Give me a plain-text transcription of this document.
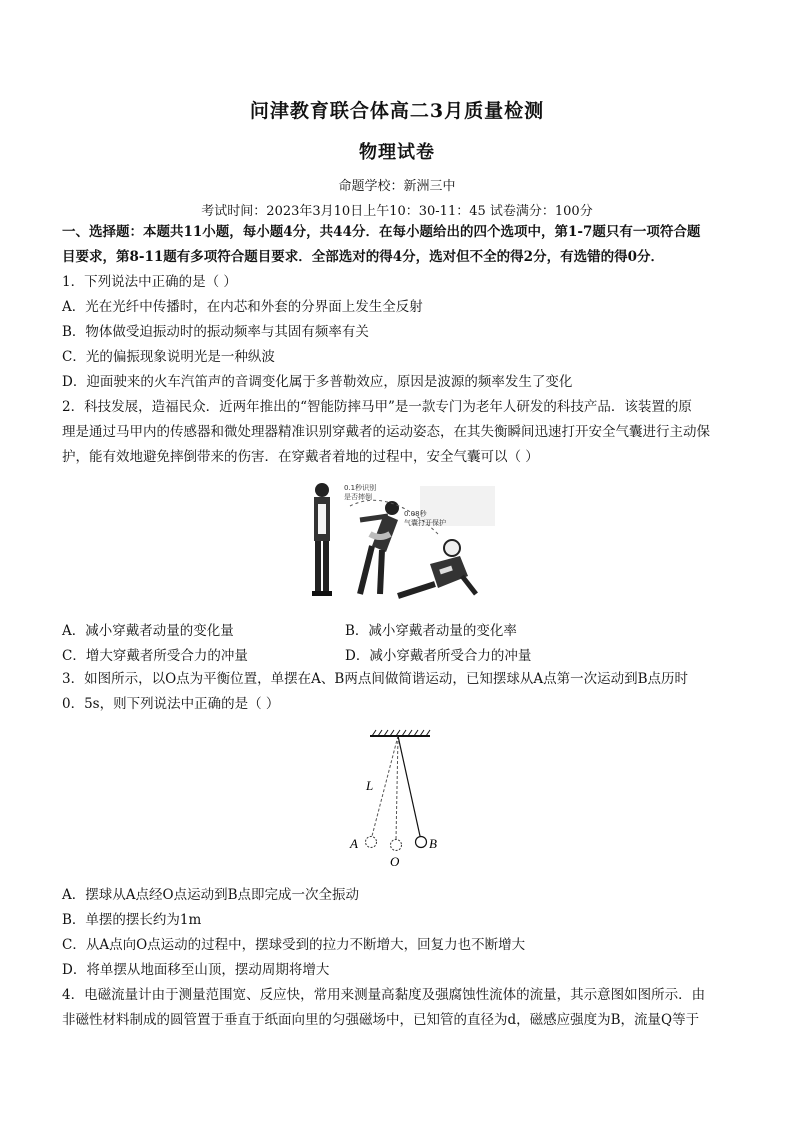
问津教育联合体高二3月质量检测
物理试卷
命题学校：新洲三中
考试时间：2023年3月10日上午10：30-11：45 试卷满分：100分
一、选择题：本题共11小题，每小题4分，共44分．在每小题给出的四个选项中，第1-7题只有一项符合题
目要求，第8-11题有多项符合题目要求．全部选对的得4分，选对但不全的得2分，有选错的得0分．
1．下列说法中正确的是（ ）
A．光在光纤中传播时，在内芯和外套的分界面上发生全反射
B．物体做受迫振动时的振动频率与其固有频率有关
C．光的偏振现象说明光是一种纵波
D．迎面驶来的火车汽笛声的音调变化属于多普勒效应，原因是波源的频率发生了变化
2．科技发展，造福民众．近两年推出的“智能防摔马甲”是一款专门为老年人研发的科技产品．该装置的原
理是通过马甲内的传感器和微处理器精准识别穿戴者的运动姿态，在其失衡瞬间迅速打开安全气囊进行主动保
护，能有效地避免摔倒带来的伤害．在穿戴者着地的过程中，安全气囊可以（ ）
0.1秒识别
是否摔倒
0.08秒
气囊打开保护
A．减小穿戴者动量的变化量	B．减小穿戴者动量的变化率
C．增大穿戴者所受合力的冲量	D．减小穿戴者所受合力的冲量
3．如图所示，以O点为平衡位置，单摆在A、B两点间做简谐运动，已知摆球从A点第一次运动到B点历时
0．5s，则下列说法中正确的是（ ）
L
A
O
B
A．摆球从A点经O点运动到B点即完成一次全振动
B．单摆的摆长约为1m
C．从A点向O点运动的过程中，摆球受到的拉力不断增大，回复力也不断增大
D．将单摆从地面移至山顶，摆动周期将增大
4．电磁流量计由于测量范围宽、反应快，常用来测量高黏度及强腐蚀性流体的流量，其示意图如图所示．由
非磁性材料制成的圆管置于垂直于纸面向里的匀强磁场中，已知管的直径为d，磁感应强度为B，流量Q等于
